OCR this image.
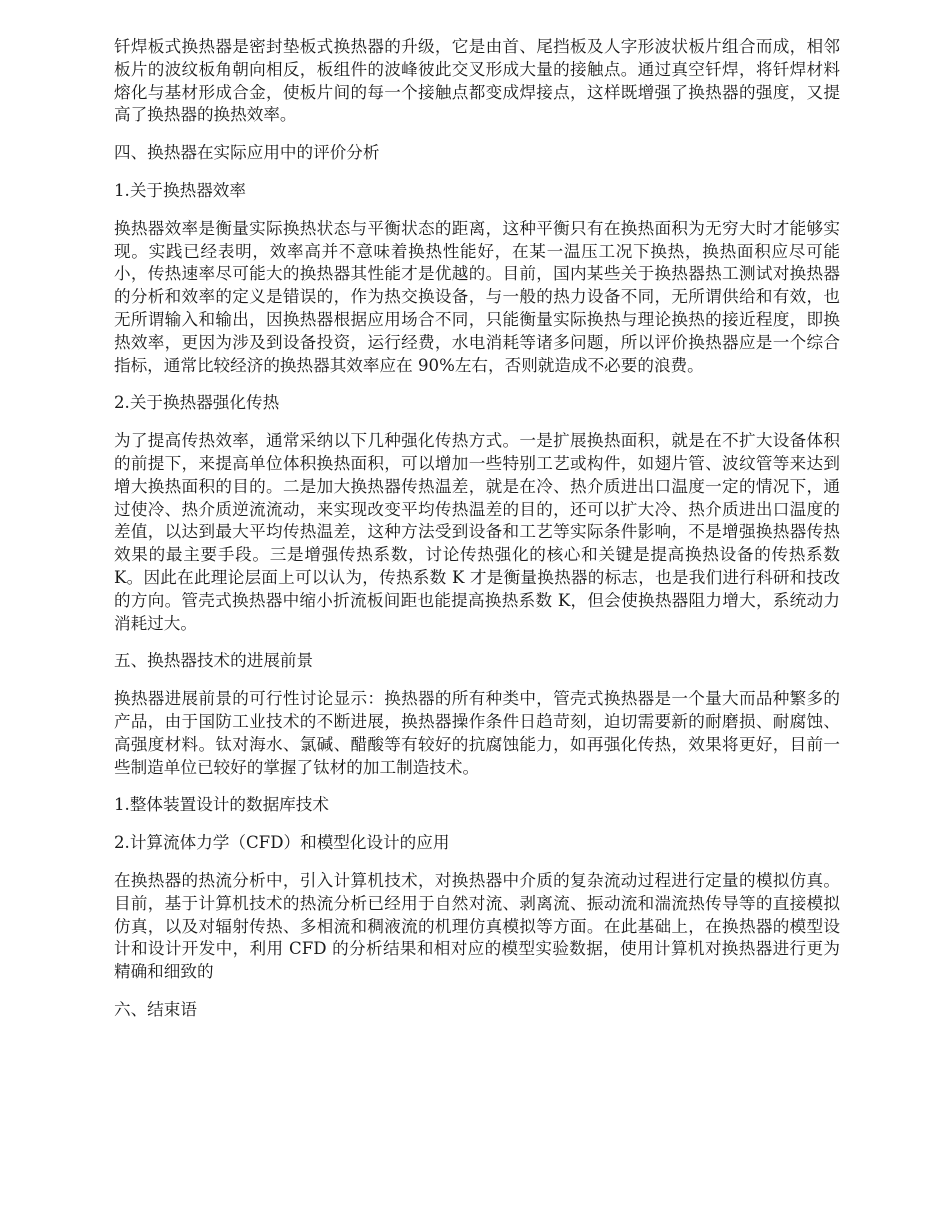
钎焊板式换热器是密封垫板式换热器的升级，它是由首、尾挡板及人字形波状板片组合而成，相邻板片的波纹板角朝向相反，板组件的波峰彼此交叉形成大量的接触点。通过真空钎焊，将钎焊材料熔化与基材形成合金，使板片间的每一个接触点都变成焊接点，这样既增强了换热器的强度，又提高了换热器的换热效率。

四、换热器在实际应用中的评价分析

1.关于换热器效率

换热器效率是衡量实际换热状态与平衡状态的距离，这种平衡只有在换热面积为无穷大时才能够实现。实践已经表明，效率高并不意味着换热性能好，在某一温压工况下换热，换热面积应尽可能小，传热速率尽可能大的换热器其性能才是优越的。目前，国内某些关于换热器热工测试对换热器的分析和效率的定义是错误的，作为热交换设备，与一般的热力设备不同，无所谓供给和有效，也无所谓输入和输出，因换热器根据应用场合不同，只能衡量实际换热与理论换热的接近程度，即换热效率，更因为涉及到设备投资，运行经费，水电消耗等诸多问题，所以评价换热器应是一个综合指标，通常比较经济的换热器其效率应在 90%左右，否则就造成不必要的浪费。

2.关于换热器强化传热

为了提高传热效率，通常采纳以下几种强化传热方式。一是扩展换热面积，就是在不扩大设备体积的前提下，来提高单位体积换热面积，可以增加一些特别工艺或构件，如翅片管、波纹管等来达到增大换热面积的目的。二是加大换热器传热温差，就是在冷、热介质进出口温度一定的情况下，通过使冷、热介质逆流流动，来实现改变平均传热温差的目的，还可以扩大冷、热介质进出口温度的差值，以达到最大平均传热温差，这种方法受到设备和工艺等实际条件影响，不是增强换热器传热效果的最主要手段。三是增强传热系数，讨论传热强化的核心和关键是提高换热设备的传热系数 K。因此在此理论层面上可以认为，传热系数 K 才是衡量换热器的标志，也是我们进行科研和技改的方向。管壳式换热器中缩小折流板间距也能提高换热系数 K，但会使换热器阻力增大，系统动力消耗过大。

五、换热器技术的进展前景

换热器进展前景的可行性讨论显示：换热器的所有种类中，管壳式换热器是一个量大而品种繁多的产品，由于国防工业技术的不断进展，换热器操作条件日趋苛刻，迫切需要新的耐磨损、耐腐蚀、高强度材料。钛对海水、氯碱、醋酸等有较好的抗腐蚀能力，如再强化传热，效果将更好，目前一些制造单位已较好的掌握了钛材的加工制造技术。

1.整体装置设计的数据库技术

2.计算流体力学（CFD）和模型化设计的应用

在换热器的热流分析中，引入计算机技术，对换热器中介质的复杂流动过程进行定量的模拟仿真。目前，基于计算机技术的热流分析已经用于自然对流、剥离流、振动流和湍流热传导等的直接模拟仿真，以及对辐射传热、多相流和稠液流的机理仿真模拟等方面。在此基础上，在换热器的模型设计和设计开发中，利用 CFD 的分析结果和相对应的模型实验数据，使用计算机对换热器进行更为精确和细致的

六、结束语
